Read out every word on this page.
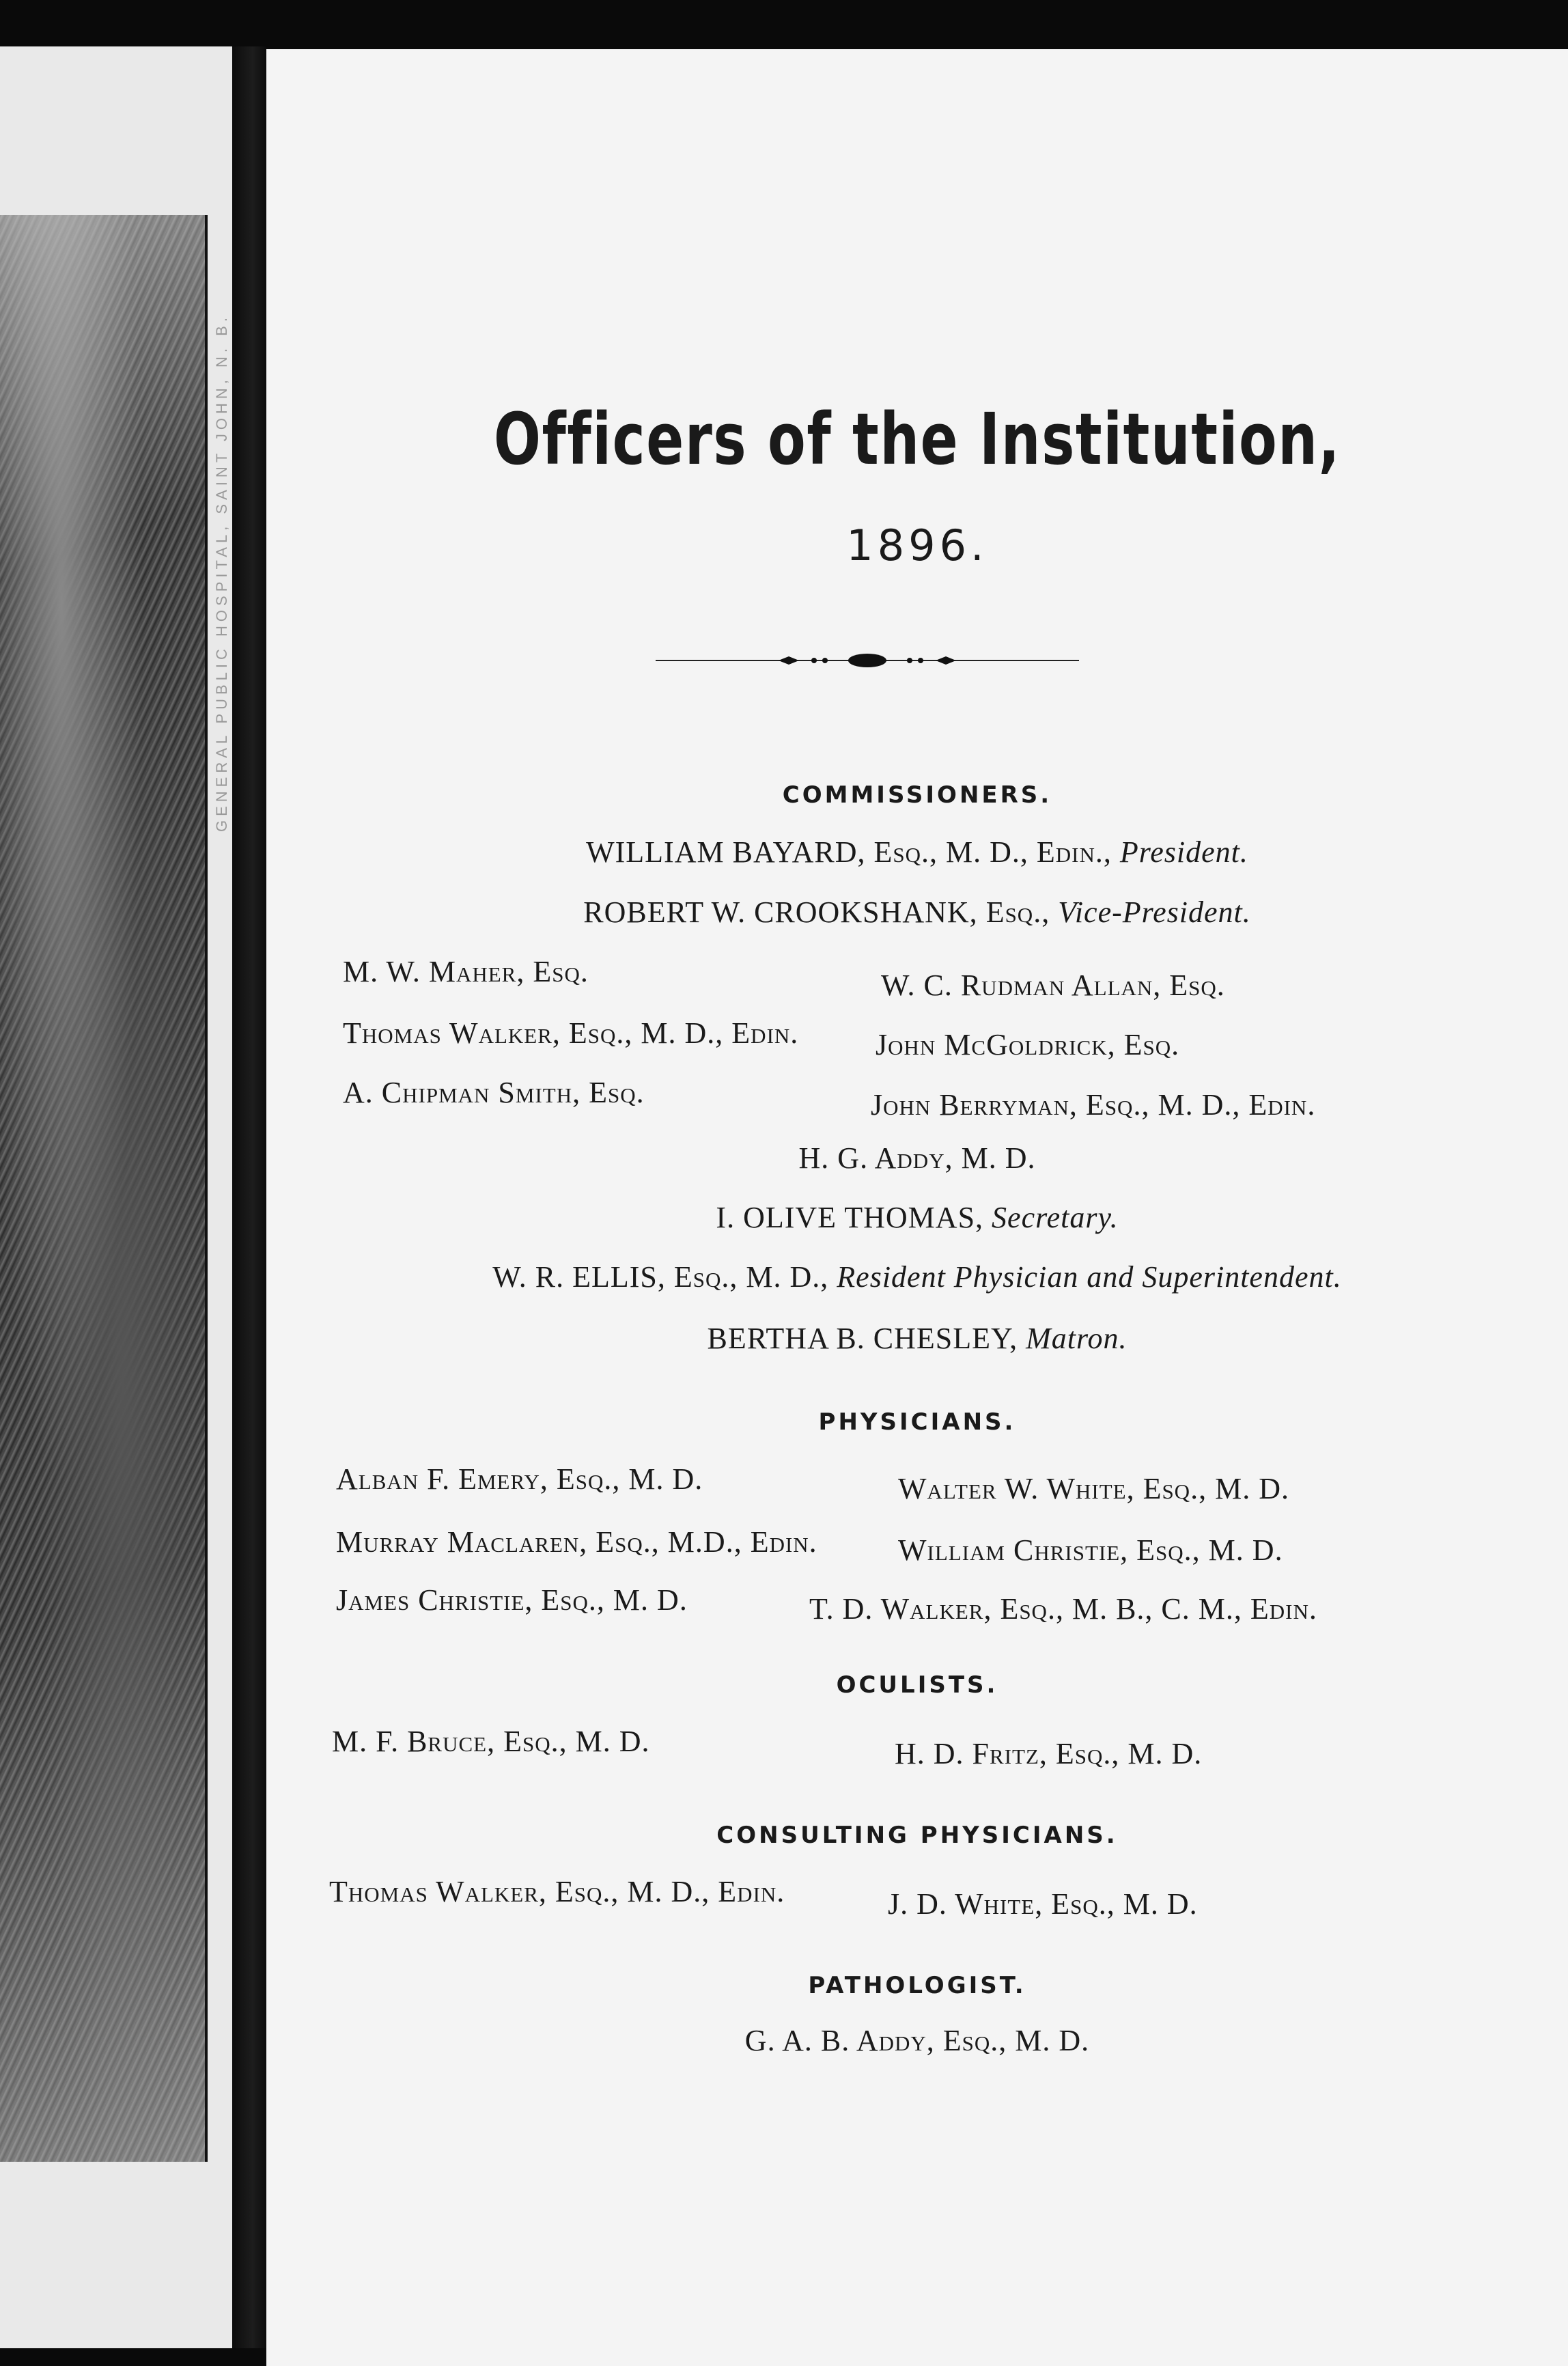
GENERAL PUBLIC HOSPITAL, SAINT JOHN, N. B.	Officers of the Institution,
1896.
COMMISSIONERS.
WILLIAM BAYARD, Esq., M. D., Edin., President.
ROBERT W. CROOKSHANK, Esq., Vice-President.
M. W. Maher, Esq.	W. C. Rudman Allan, Esq.
Thomas Walker, Esq., M. D., Edin.	John McGoldrick, Esq.
A. Chipman Smith, Esq.	John Berryman, Esq., M. D., Edin.
H. G. Addy, M. D.
I. OLIVE THOMAS, Secretary.
W. R. ELLIS, Esq., M. D., Resident Physician and Superintendent.
BERTHA B. CHESLEY, Matron.
PHYSICIANS.
Alban F. Emery, Esq., M. D.	Walter W. White, Esq., M. D.
Murray Maclaren, Esq., M.D., Edin.	William Christie, Esq., M. D.
James Christie, Esq., M. D.	T. D. Walker, Esq., M. B., C. M., Edin.
OCULISTS.
M. F. Bruce, Esq., M. D.	H. D. Fritz, Esq., M. D.
CONSULTING PHYSICIANS.
Thomas Walker, Esq., M. D., Edin.	J. D. White, Esq., M. D.
PATHOLOGIST.
G. A. B. Addy, Esq., M. D.
